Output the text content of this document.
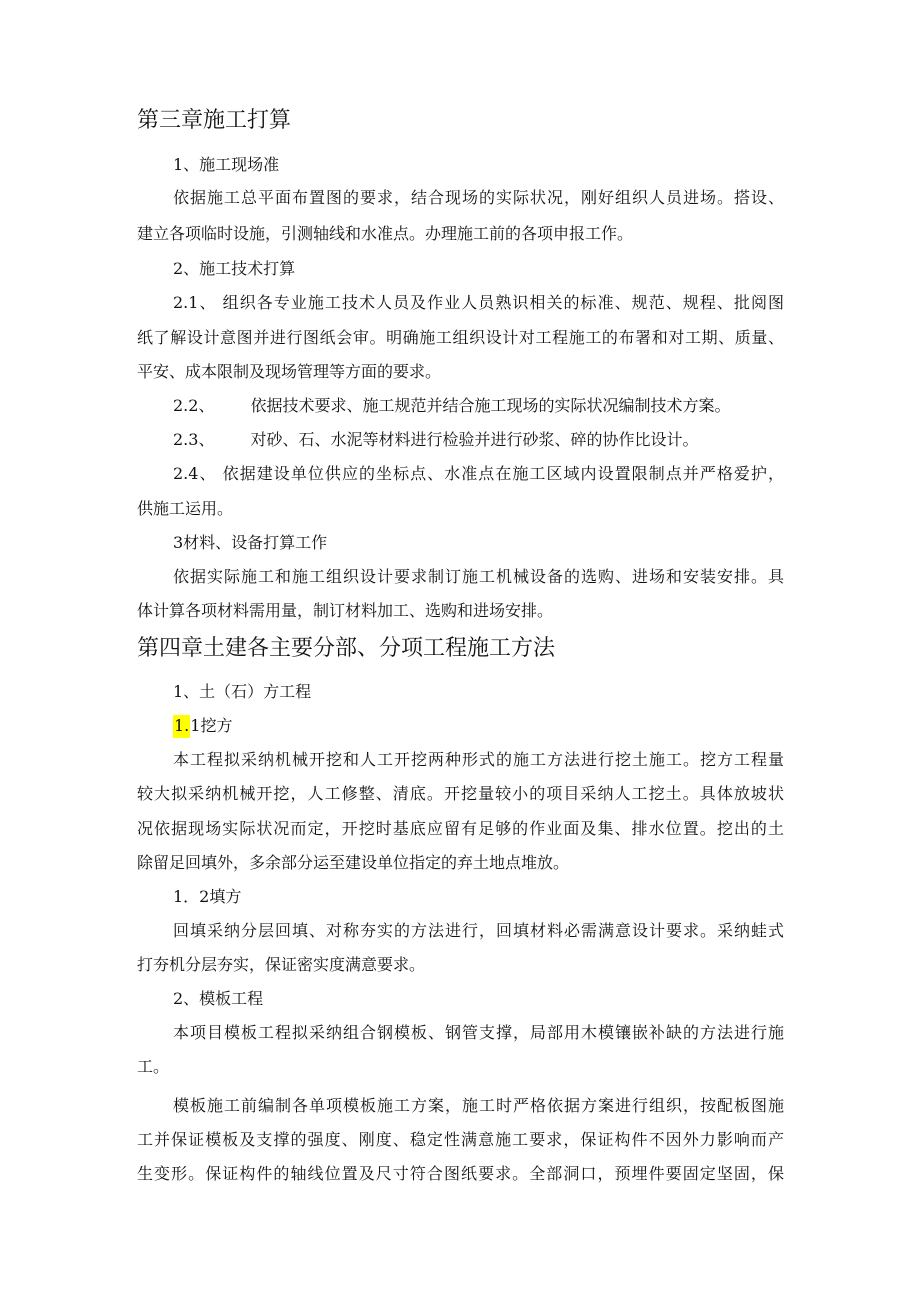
第三章施工打算
1、施工现场准
依据施工总平面布置图的要求，结合现场的实际状况，刚好组织人员进场。搭设、
建立各项临时设施，引测轴线和水准点。办理施工前的各项申报工作。
2、施工技术打算
2.1、 组织各专业施工技术人员及作业人员熟识相关的标准、规范、规程、批阅图
纸了解设计意图并进行图纸会审。明确施工组织设计对工程施工的布署和对工期、质量、
平安、成本限制及现场管理等方面的要求。
2.2、 依据技术要求、施工规范并结合施工现场的实际状况编制技术方案。
2.3、 对砂、石、水泥等材料进行检验并进行砂浆、碎的协作比设计。
2.4、 依据建设单位供应的坐标点、水准点在施工区域内设置限制点并严格爱护，
供施工运用。
3材料、设备打算工作
依据实际施工和施工组织设计要求制订施工机械设备的选购、进场和安装安排。具
体计算各项材料需用量，制订材料加工、选购和进场安排。
第四章土建各主要分部、分项工程施工方法
1、土（石）方工程
1.1挖方
本工程拟采纳机械开挖和人工开挖两种形式的施工方法进行挖土施工。挖方工程量
较大拟采纳机械开挖，人工修整、清底。开挖量较小的项目采纳人工挖土。具体放坡状
况依据现场实际状况而定，开挖时基底应留有足够的作业面及集、排水位置。挖出的土
除留足回填外，多余部分运至建设单位指定的弃土地点堆放。
1．2填方
回填采纳分层回填、对称夯实的方法进行，回填材料必需满意设计要求。采纳蛙式
打夯机分层夯实，保证密实度满意要求。
2、模板工程
本项目模板工程拟采纳组合钢模板、钢管支撑，局部用木模镶嵌补缺的方法进行施
工。
模板施工前编制各单项模板施工方案，施工时严格依据方案进行组织，按配板图施
工并保证模板及支撑的强度、刚度、稳定性满意施工要求，保证构件不因外力影响而产
生变形。保证构件的轴线位置及尺寸符合图纸要求。全部洞口，预埋件要固定坚固，保
